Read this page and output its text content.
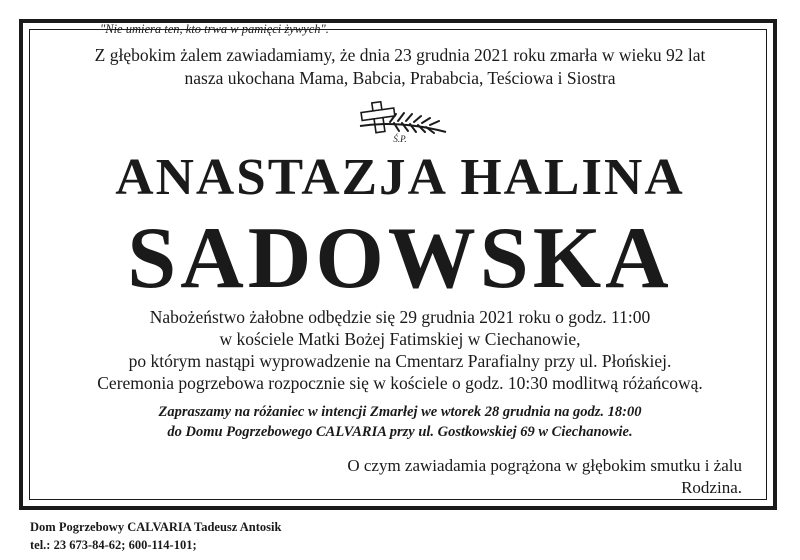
"Nie umiera ten, kto trwa w pamięci żywych".
Z głębokim żalem zawiadamiamy, że dnia 23 grudnia 2021 roku zmarła w wieku 92 lat
nasza ukochana Mama, Babcia, Prababcia, Teściowa i Siostra
Ś.P.
ANASTAZJA HALINA
SADOWSKA
Nabożeństwo żałobne odbędzie się 29 grudnia 2021 roku o godz. 11:00
w kościele Matki Bożej Fatimskiej w Ciechanowie,
po którym nastąpi wyprowadzenie na Cmentarz Parafialny przy ul. Płońskiej.
Ceremonia pogrzebowa rozpocznie się w kościele o godz. 10:30 modlitwą różańcową.
Zapraszamy na różaniec w intencji Zmarłej we wtorek 28 grudnia na godz. 18:00
do Domu Pogrzebowego CALVARIA przy ul. Gostkowskiej 69 w Ciechanowie.
O czym zawiadamia pogrążona w głębokim smutku i żalu
Rodzina.
Dom Pogrzebowy CALVARIA Tadeusz Antosik
tel.: 23 673-84-62; 600-114-101;
